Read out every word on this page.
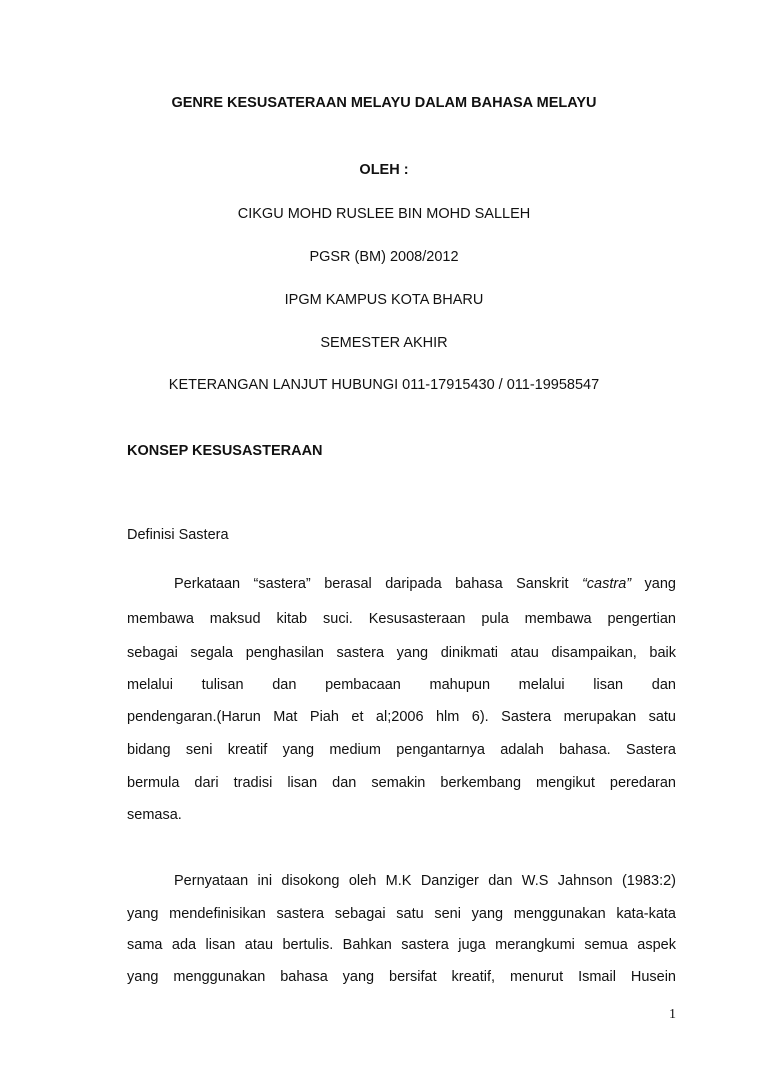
GENRE KESUSATERAAN MELAYU DALAM BAHASA MELAYU
OLEH :
CIKGU MOHD RUSLEE BIN MOHD SALLEH
PGSR (BM) 2008/2012
IPGM KAMPUS KOTA BHARU
SEMESTER AKHIR
KETERANGAN LANJUT HUBUNGI 011-17915430 / 011-19958547
KONSEP KESUSASTERAAN
Definisi Sastera
Perkataan “sastera” berasal daripada bahasa Sanskrit “castra” yang
membawa maksud kitab suci. Kesusasteraan pula membawa pengertian
sebagai segala penghasilan sastera yang dinikmati atau disampaikan, baik
melalui tulisan dan pembacaan mahupun melalui lisan dan
pendengaran.(Harun Mat Piah et al;2006 hlm 6). Sastera merupakan satu
bidang seni kreatif yang medium pengantarnya adalah bahasa. Sastera
bermula dari tradisi lisan dan semakin berkembang mengikut peredaran
semasa.
Pernyataan ini disokong oleh M.K Danziger dan W.S Jahnson (1983:2)
yang mendefinisikan sastera sebagai satu seni yang menggunakan kata-kata
sama ada lisan atau bertulis. Bahkan sastera juga merangkumi semua aspek
yang menggunakan bahasa yang bersifat kreatif, menurut Ismail Husein
1
